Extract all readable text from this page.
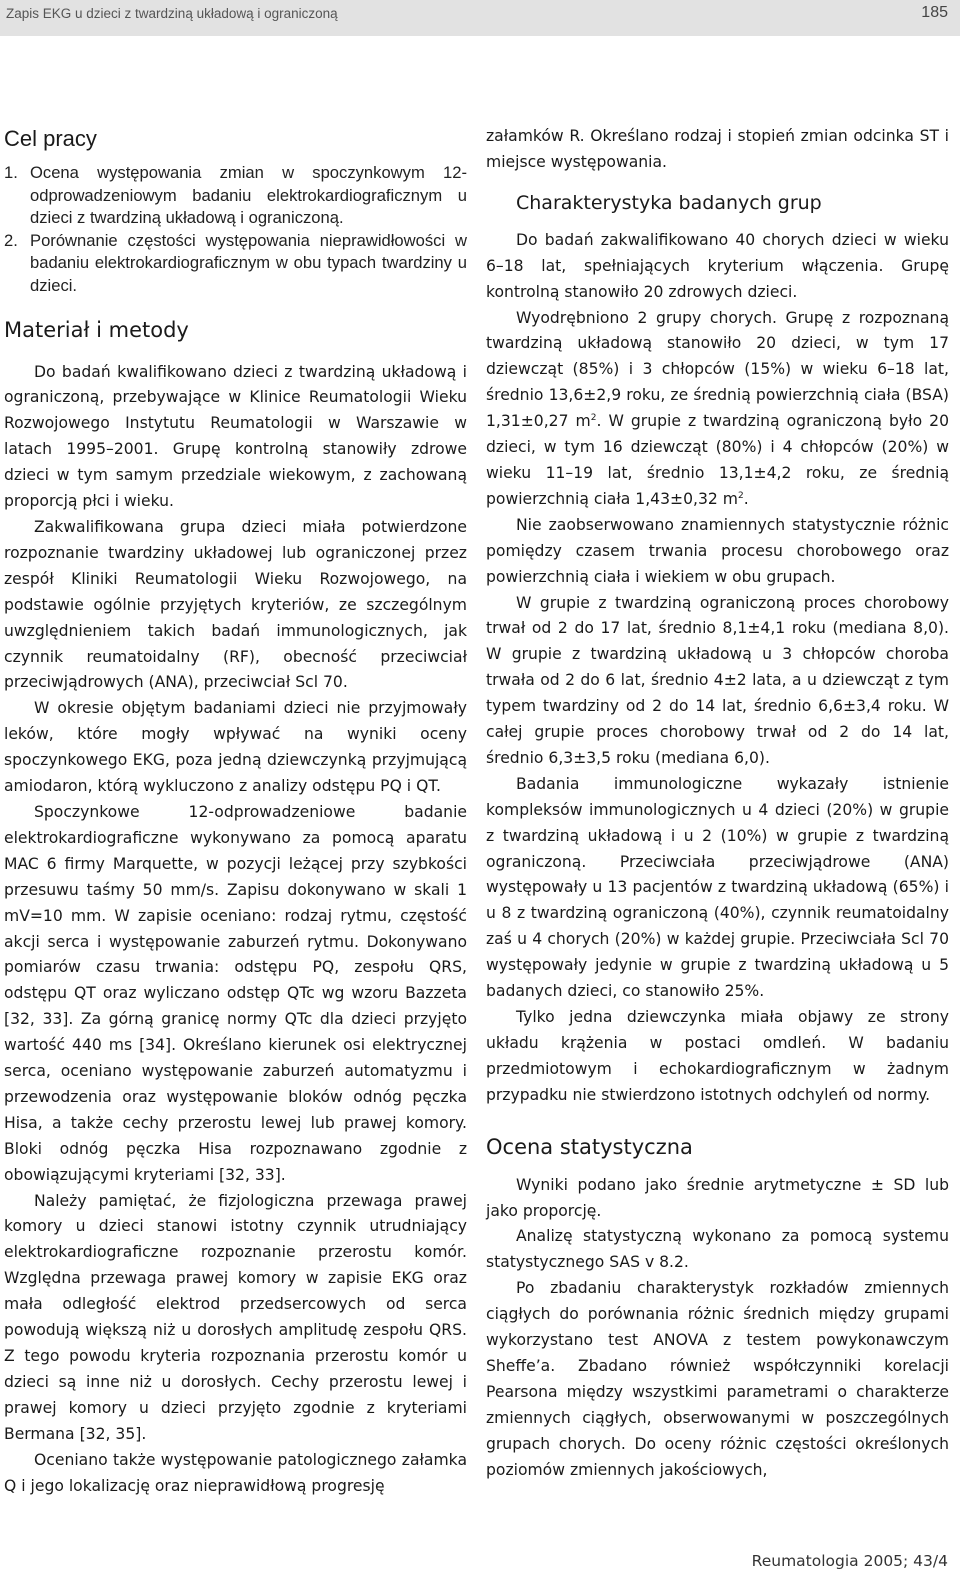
Zapis EKG u dzieci z twardziną układową i ograniczoną	185
Cel pracy
1. Ocena występowania zmian w spoczynkowym 12-odprowadzeniowym badaniu elektrokardiograficznym u dzieci z twardziną układową i ograniczoną.
2. Porównanie częstości występowania nieprawidłowości w badaniu elektrokardiograficznym w obu typach twardziny u dzieci.
Materiał i metody

Do badań kwalifikowano dzieci z twardziną układową i ograniczoną, przebywające w Klinice Reumatologii Wieku Rozwojowego Instytutu Reumatologii w Warszawie w latach 1995–2001. Grupę kontrolną stanowiły zdrowe dzieci w tym samym przedziale wiekowym, z zachowaną proporcją płci i wieku.

Zakwalifikowana grupa dzieci miała potwierdzone rozpoznanie twardziny układowej lub ograniczonej przez zespół Kliniki Reumatologii Wieku Rozwojowego, na podstawie ogólnie przyjętych kryteriów, ze szczególnym uwzględnieniem takich badań immunologicznych, jak czynnik reumatoidalny (RF), obecność przeciwciał przeciwjądrowych (ANA), przeciwciał Scl 70.

W okresie objętym badaniami dzieci nie przyjmowały leków, które mogły wpływać na wyniki oceny spoczynkowego EKG, poza jedną dziewczynką przyjmującą amiodaron, którą wykluczono z analizy odstępu PQ i QT.

Spoczynkowe 12-odprowadzeniowe badanie elektrokardiograficzne wykonywano za pomocą aparatu MAC 6 firmy Marquette, w pozycji leżącej przy szybkości przesuwu taśmy 50 mm/s. Zapisu dokonywano w skali 1 mV=10 mm. W zapisie oceniano: rodzaj rytmu, częstość akcji serca i występowanie zaburzeń rytmu. Dokonywano pomiarów czasu trwania: odstępu PQ, zespołu QRS, odstępu QT oraz wyliczano odstęp QTc wg wzoru Bazzeta [32, 33]. Za górną granicę normy QTc dla dzieci przyjęto wartość 440 ms [34]. Określano kierunek osi elektrycznej serca, oceniano występowanie zaburzeń automatyzmu i przewodzenia oraz występowanie bloków odnóg pęczka Hisa, a także cechy przerostu lewej lub prawej komory. Bloki odnóg pęczka Hisa rozpoznawano zgodnie z obowiązującymi kryteriami [32, 33].

Należy pamiętać, że fizjologiczna przewaga prawej komory u dzieci stanowi istotny czynnik utrudniający elektrokardiograficzne rozpoznanie przerostu komór. Względna przewaga prawej komory w zapisie EKG oraz mała odległość elektrod przedsercowych od serca powodują większą niż u dorosłych amplitudę zespołu QRS. Z tego powodu kryteria rozpoznania przerostu komór u dzieci są inne niż u dorosłych. Cechy przerostu lewej i prawej komory u dzieci przyjęto zgodnie z kryteriami Bermana [32, 35].

Oceniano także występowanie patologicznego załamka Q i jego lokalizację oraz nieprawidłową progresję

załamków R. Określano rodzaj i stopień zmian odcinka ST i miejsce występowania.

Charakterystyka badanych grup

Do badań zakwalifikowano 40 chorych dzieci w wieku 6–18 lat, spełniających kryterium włączenia. Grupę kontrolną stanowiło 20 zdrowych dzieci.

Wyodrębniono 2 grupy chorych. Grupę z rozpoznaną twardziną układową stanowiło 20 dzieci, w tym 17 dziewcząt (85%) i 3 chłopców (15%) w wieku 6–18 lat, średnio 13,6±2,9 roku, ze średnią powierzchnią ciała (BSA) 1,31±0,27 $m^2$. W grupie z twardziną ograniczoną było 20 dzieci, w tym 16 dziewcząt (80%) i 4 chłopców (20%) w wieku 11–19 lat, średnio 13,1±4,2 roku, ze średnią powierzchnią ciała 1,43±0,32 $m^2$.

Nie zaobserwowano znamiennych statystycznie różnic pomiędzy czasem trwania procesu chorobowego oraz powierzchnią ciała i wiekiem w obu grupach.

W grupie z twardziną ograniczoną proces chorobowy trwał od 2 do 17 lat, średnio 8,1±4,1 roku (mediana 8,0). W grupie z twardziną układową u 3 chłopców choroba trwała od 2 do 6 lat, średnio 4±2 lata, a u dziewcząt z tym typem twardziny od 2 do 14 lat, średnio 6,6±3,4 roku. W całej grupie proces chorobowy trwał od 2 do 14 lat, średnio 6,3±3,5 roku (mediana 6,0).

Badania immunologiczne wykazały istnienie kompleksów immunologicznych u 4 dzieci (20%) w grupie z twardziną układową i u 2 (10%) w grupie z twardziną ograniczoną. Przeciwciała przeciwjądrowe (ANA) występowały u 13 pacjentów z twardziną układową (65%) i u 8 z twardziną ograniczoną (40%), czynnik reumatoidalny zaś u 4 chorych (20%) w każdej grupie. Przeciwciała Scl 70 występowały jedynie w grupie z twardziną układową u 5 badanych dzieci, co stanowiło 25%.

Tylko jedna dziewczynka miała objawy ze strony układu krążenia w postaci omdleń. W badaniu przedmiotowym i echokardiograficznym w żadnym przypadku nie stwierdzono istotnych odchyleń od normy.

Ocena statystyczna

Wyniki podano jako średnie arytmetyczne ± SD lub jako proporcję.

Analizę statystyczną wykonano za pomocą systemu statystycznego SAS v 8.2.

Po zbadaniu charakterystyk rozkładów zmiennych ciągłych do porównania różnic średnich między grupami wykorzystano test ANOVA z testem powykonawczym Sheffe’a. Zbadano również współczynniki korelacji Pearsona między wszystkimi parametrami o charakterze zmiennych ciągłych, obserwowanymi w poszczególnych grupach chorych. Do oceny różnic częstości określonych poziomów zmiennych jakościowych,

Reumatologia 2005; 43/4
